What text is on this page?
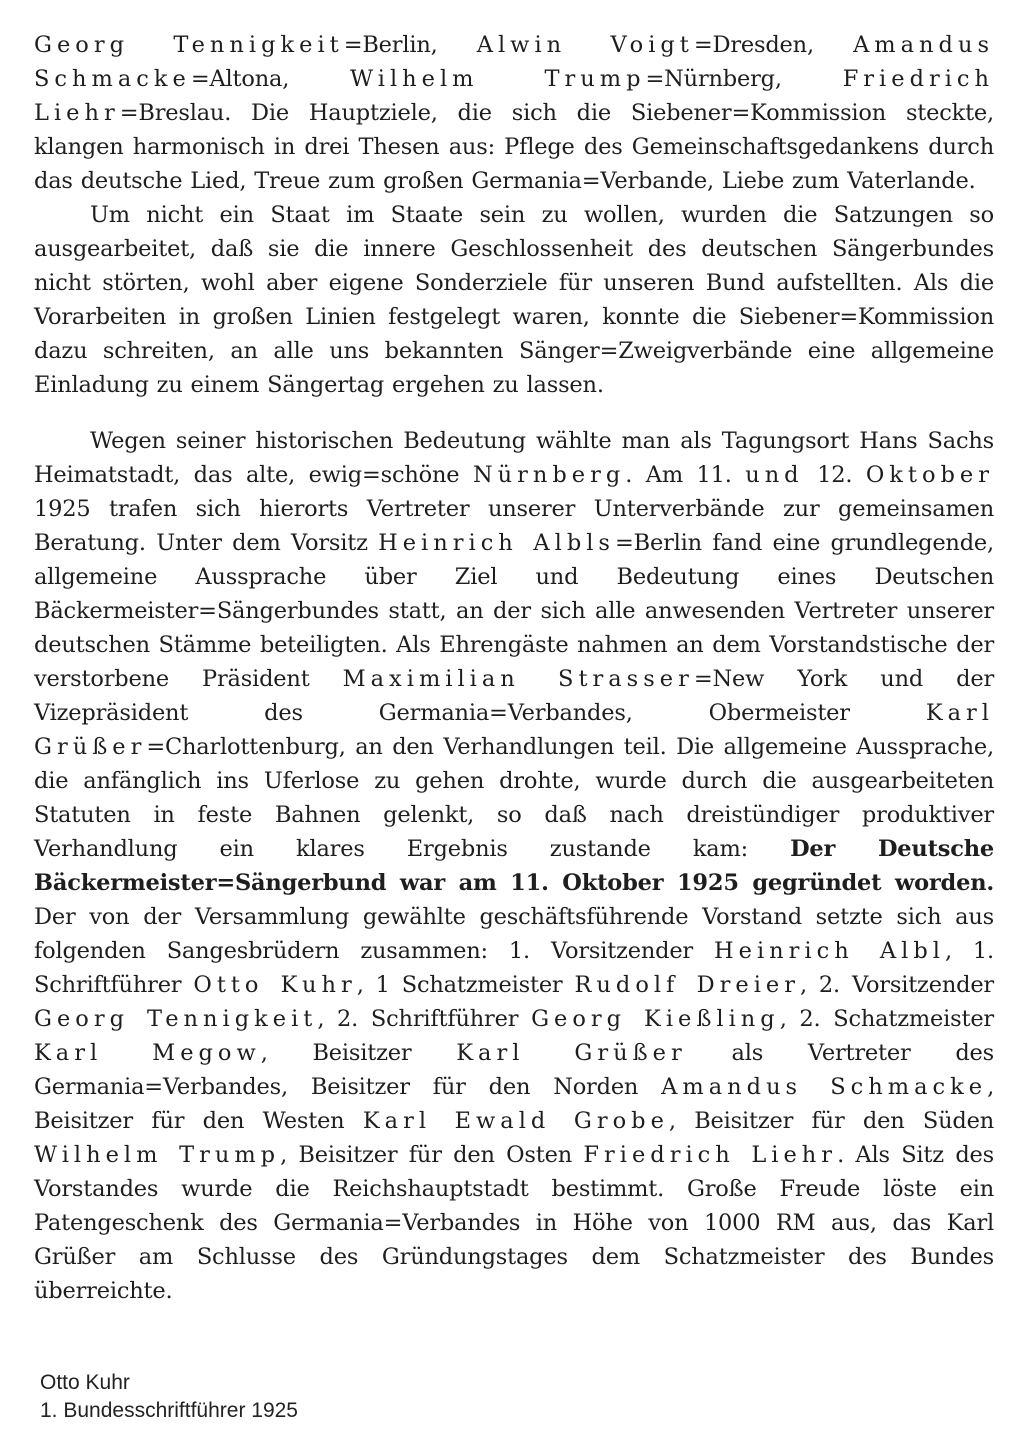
Georg Tennigkeit=Berlin, Alwin Voigt=Dresden, Amandus Schmacke=Altona, Wilhelm Trump=Nürnberg, Friedrich Liehr=Breslau. Die Hauptziele, die sich die Siebener=Kommission steckte, klangen harmonisch in drei Thesen aus: Pflege des Gemeinschaftsgedankens durch das deutsche Lied, Treue zum großen Germania=Verbande, Liebe zum Vaterlande.

Um nicht ein Staat im Staate sein zu wollen, wurden die Satzungen so ausgearbeitet, daß sie die innere Geschlossenheit des deutschen Sängerbundes nicht störten, wohl aber eigene Sonderziele für unseren Bund aufstellten. Als die Vorarbeiten in großen Linien festgelegt waren, konnte die Siebener=Kommission dazu schreiten, an alle uns bekannten Sänger=Zweigverbände eine allgemeine Einladung zu einem Sängertag ergehen zu lassen.

Wegen seiner historischen Bedeutung wählte man als Tagungsort Hans Sachs Heimatstadt, das alte, ewig=schöne Nürnberg. Am 11. und 12. Oktober 1925 trafen sich hierorts Vertreter unserer Unterverbände zur gemeinsamen Beratung. Unter dem Vorsitz Heinrich Albls=Berlin fand eine grundlegende, allgemeine Aussprache über Ziel und Bedeutung eines Deutschen Bäckermeister=Sängerbundes statt, an der sich alle anwesenden Vertreter unserer deutschen Stämme beteiligten. Als Ehrengäste nahmen an dem Vorstandstische der verstorbene Präsident Maximilian Strasser=New York und der Vizepräsident des Germania=Verbandes, Obermeister Karl Grüßer=Charlottenburg, an den Verhandlungen teil. Die allgemeine Aussprache, die anfänglich ins Uferlose zu gehen drohte, wurde durch die ausgearbeiteten Statuten in feste Bahnen gelenkt, so daß nach dreistündiger produktiver Verhandlung ein klares Ergebnis zustande kam: Der Deutsche Bäckermeister=Sängerbund war am 11. Oktober 1925 gegründet worden. Der von der Versammlung gewählte geschäftsführende Vorstand setzte sich aus folgenden Sangesbrüdern zusammen: 1. Vorsitzender Heinrich Albl, 1. Schriftführer Otto Kuhr, 1 Schatzmeister Rudolf Dreier, 2. Vorsitzender Georg Tennigkeit, 2. Schriftführer Georg Kießling, 2. Schatzmeister Karl Megow, Beisitzer Karl Grüßer als Vertreter des Germania=Verbandes, Beisitzer für den Norden Amandus Schmacke, Beisitzer für den Westen Karl Ewald Grobe, Beisitzer für den Süden Wilhelm Trump, Beisitzer für den Osten Friedrich Liehr. Als Sitz des Vorstandes wurde die Reichshauptstadt bestimmt. Große Freude löste ein Patengeschenk des Germania=Verbandes in Höhe von 1000 RM aus, das Karl Grüßer am Schlusse des Gründungstages dem Schatzmeister des Bundes überreichte.

Otto Kuhr
1. Bundesschriftführer 1925
